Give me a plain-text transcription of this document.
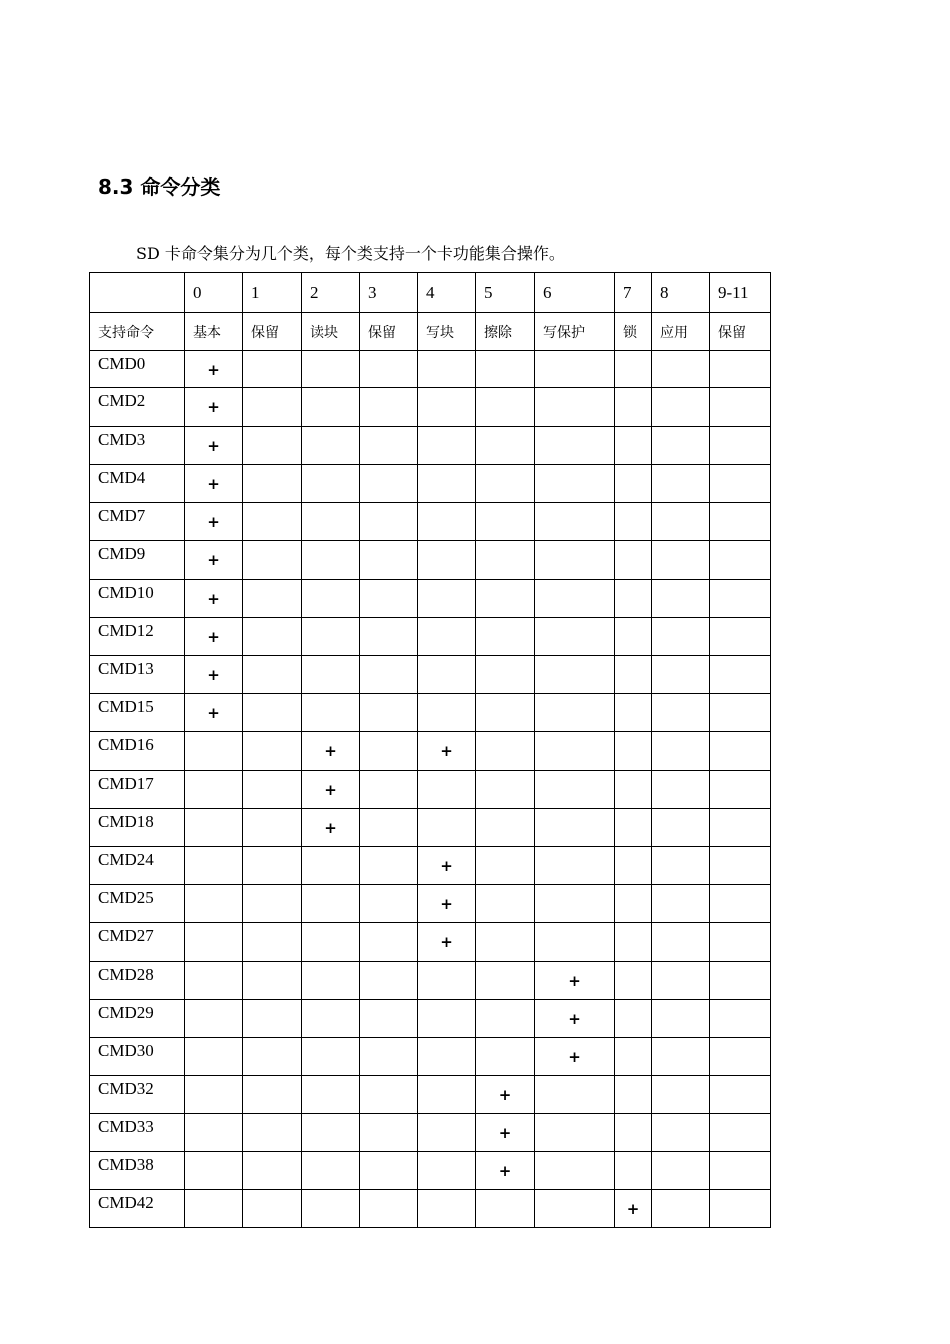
8.3 命令分类

SD 卡命令集分为几个类，每个类支持一个卡功能集合操作。

	0	1	2	3	4	5	6	7	8	9-11
支持命令	基本	保留	读块	保留	写块	擦除	写保护	锁	应用	保留
CMD0	+									

CMD2	+									

CMD3	+									

CMD4	+									

CMD7	+									

CMD9	+									

CMD10	+									

CMD12	+									

CMD13	+									

CMD15	+									

CMD16			+		+					

CMD17			+							

CMD18			+							

CMD24					+					

CMD25					+					

CMD27					+					

CMD28							+			

CMD29							+			

CMD30							+			

CMD32						+				

CMD33						+				

CMD38						+				

CMD42								+		
